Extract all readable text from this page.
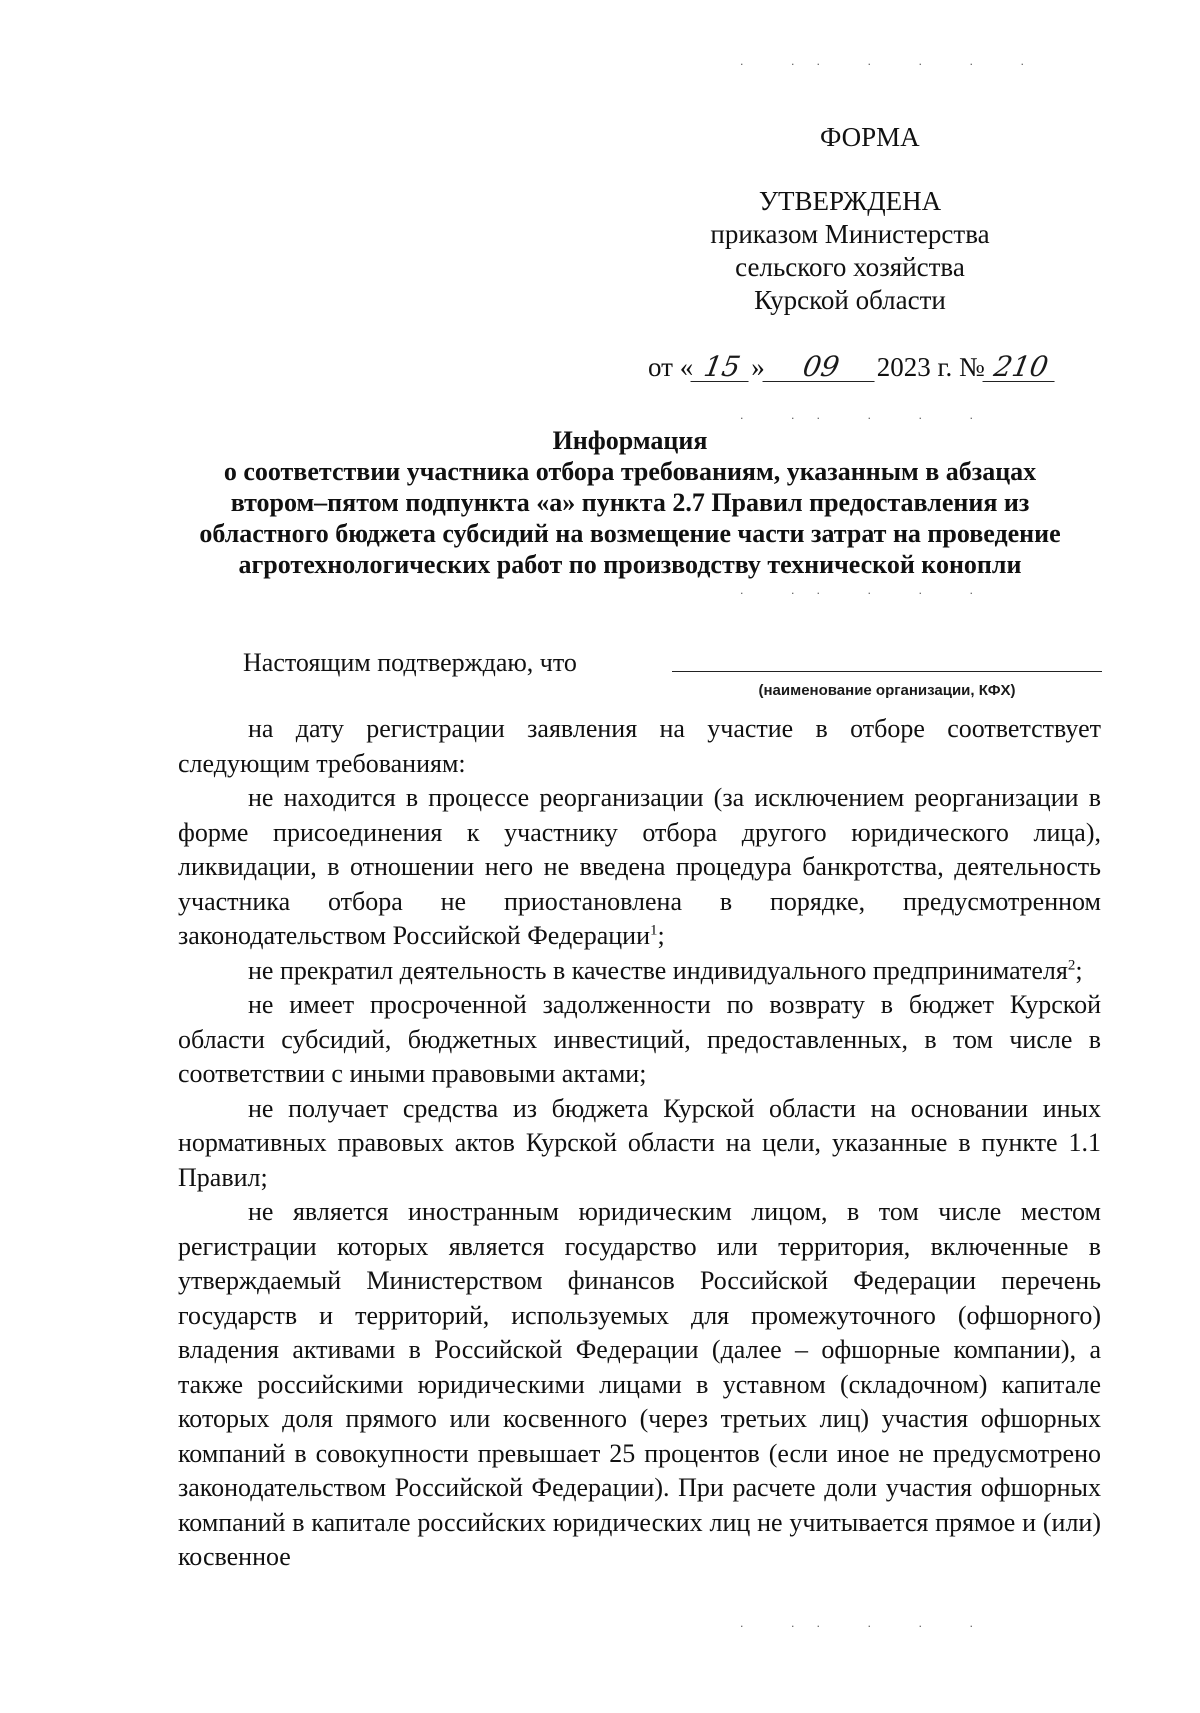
· ·· · · · ·
· ·· · · ·
· ·· · · ·
· ·· · · ·
ФОРМА
УТВЕРЖДЕНА
приказом Министерства
сельского хозяйства
Курской области
от « 15 » 09 2023 г. № 210
Информация
о соответствии участника отбора требованиям, указанным в абзацах втором–пятом подпункта «а» пункта 2.7 Правил предоставления из областного бюджета субсидий на возмещение части затрат на проведение агротехнологических работ по производству технической конопли
Настоящим подтверждаю, что
(наименование организации, КФХ)

на дату регистрации заявления на участие в отборе соответствует следующим требованиям:

не находится в процессе реорганизации (за исключением реорганизации в форме присоединения к участнику отбора другого юридического лица), ликвидации, в отношении него не введена процедура банкротства, деятельность участника отбора не приостановлена в порядке, предусмотренном законодательством Российской Федерации$^1$;

не прекратил деятельность в качестве индивидуального предпринимателя$^2$;

не имеет просроченной задолженности по возврату в бюджет Курской области субсидий, бюджетных инвестиций, предоставленных, в том числе в соответствии с иными правовыми актами;

не получает средства из бюджета Курской области на основании иных нормативных правовых актов Курской области на цели, указанные в пункте 1.1 Правил;

не является иностранным юридическим лицом, в том числе местом регистрации которых является государство или территория, включенные в утверждаемый Министерством финансов Российской Федерации перечень государств и территорий, используемых для промежуточного (офшорного) владения активами в Российской Федерации (далее – офшорные компании), а также российскими юридическими лицами в уставном (складочном) капитале которых доля прямого или косвенного (через третьих лиц) участия офшорных компаний в совокупности превышает 25 процентов (если иное не предусмотрено законодательством Российской Федерации). При расчете доли участия офшорных компаний в капитале российских юридических лиц не учитывается прямое и (или) косвенное
